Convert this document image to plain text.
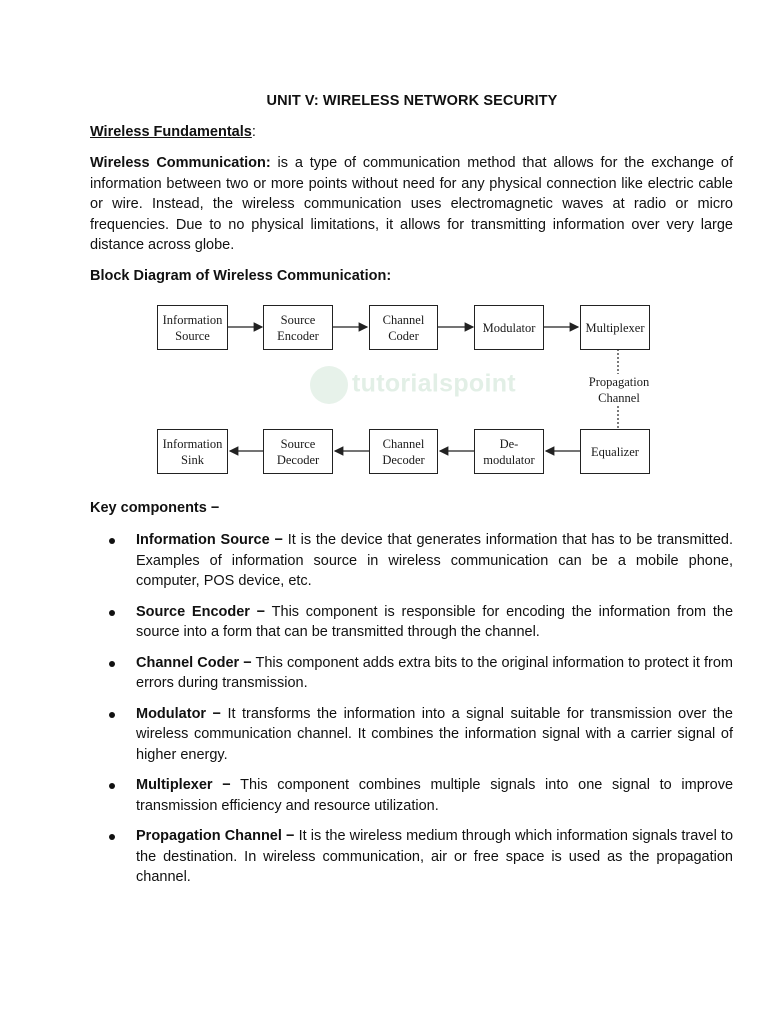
UNIT V: WIRELESS NETWORK SECURITY
Wireless Fundamentals:
Wireless Communication: is a type of communication method that allows for the exchange of information between two or more points without need for any physical connection like electric cable or wire. Instead, the wireless communication uses electromagnetic waves at radio or micro frequencies. Due to no physical limitations, it allows for transmitting information over very large distance across globe.
Block Diagram of Wireless Communication:
tutorialspoint
Information
Source
Source
Encoder
Channel
Coder
Modulator	Multiplexer
Propagation
Channel
Information
Sink
Source
Decoder
Channel
Decoder
De-
modulator
Equalizer
Key components −
Information Source − It is the device that generates information that has to be transmitted. Examples of information source in wireless communication can be a mobile phone, computer, POS device, etc.
Source Encoder − This component is responsible for encoding the information from the source into a form that can be transmitted through the channel.
Channel Coder − This component adds extra bits to the original information to protect it from errors during transmission.
Modulator − It transforms the information into a signal suitable for transmission over the wireless communication channel. It combines the information signal with a carrier signal of higher energy.
Multiplexer − This component combines multiple signals into one signal to improve transmission efficiency and resource utilization.
Propagation Channel − It is the wireless medium through which information signals travel to the destination. In wireless communication, air or free space is used as the propagation channel.
